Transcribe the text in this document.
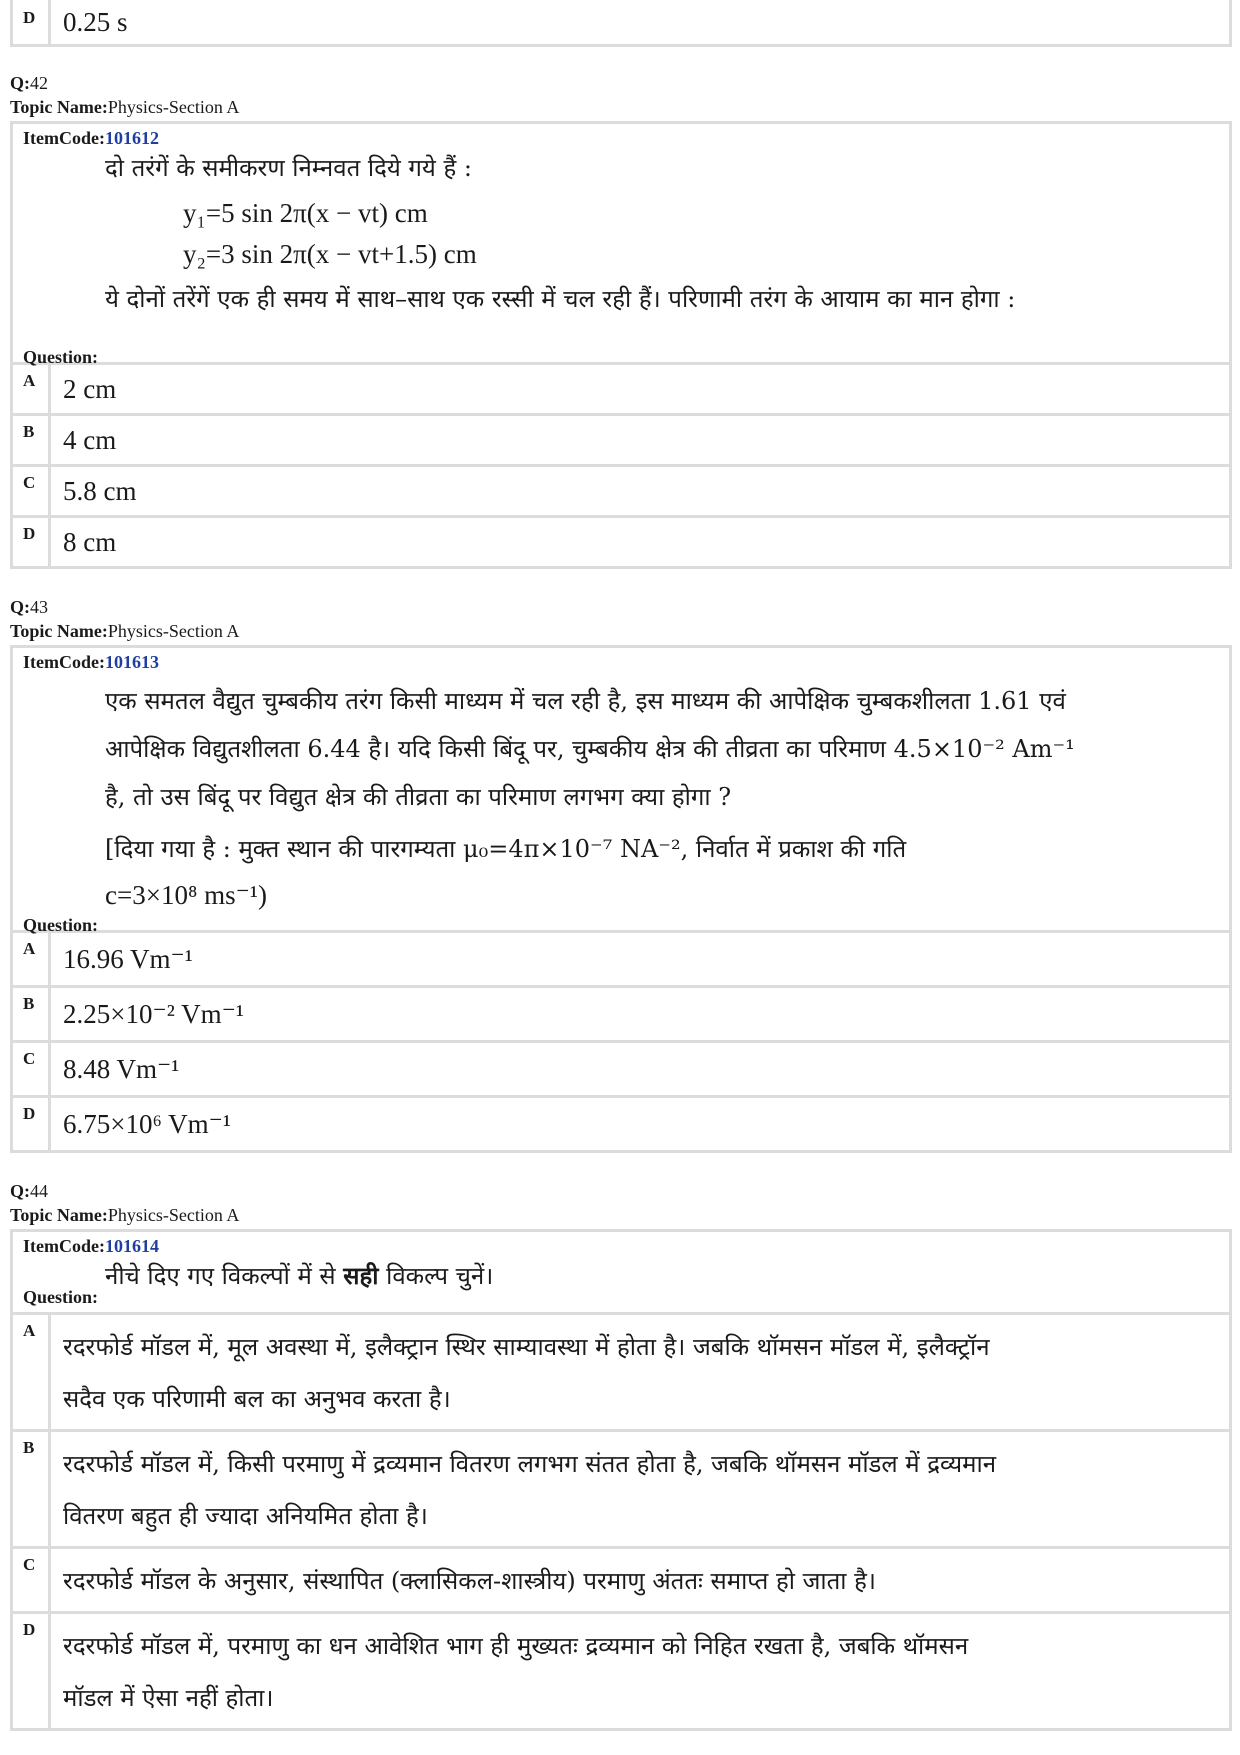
D	0.25 s
Q:42
Topic Name:Physics-Section A
ItemCode:101612
दो तरंगें के समीकरण निम्नवत दिये गये हैं :
y₁=5 sin 2π(x − vt) cm
y₂=3 sin 2π(x − vt+1.5) cm
ये दोनों तरेंगें एक ही समय में साथ–साथ एक रस्सी में चल रही हैं। परिणामी तरंग के आयाम का मान होगा :
Question:
A	2 cm
B	4 cm
C	5.8 cm
D	8 cm
Q:43
Topic Name:Physics-Section A
ItemCode:101613
एक समतल वैद्युत चुम्बकीय तरंग किसी माध्यम में चल रही है, इस माध्यम की आपेक्षिक चुम्बकशीलता 1.61 एवं
आपेक्षिक विद्युतशीलता 6.44 है। यदि किसी बिंदू पर, चुम्बकीय क्षेत्र की तीव्रता का परिमाण 4.5×10⁻² Am⁻¹
है, तो उस बिंदू पर विद्युत क्षेत्र की तीव्रता का परिमाण लगभग क्या होगा ?
[दिया गया है : मुक्त स्थान की पारगम्यता μ₀=4π×10⁻⁷ NA⁻², निर्वात में प्रकाश की गति
c=3×10⁸ ms⁻¹)
Question:
A	16.96 Vm⁻¹
B	2.25×10⁻² Vm⁻¹
C	8.48 Vm⁻¹
D	6.75×10⁶ Vm⁻¹
Q:44
Topic Name:Physics-Section A
ItemCode:101614
नीचे दिए गए विकल्पों में से सही विकल्प चुनें।
Question:
A
रदरफोर्ड मॉडल में, मूल अवस्था में, इलैक्ट्रान स्थिर साम्यावस्था में होता है। जबकि थॉमसन मॉडल में, इलैक्ट्रॉन
सदैव एक परिणामी बल का अनुभव करता है।
B
रदरफोर्ड मॉडल में, किसी परमाणु में द्रव्यमान वितरण लगभग संतत होता है, जबकि थॉमसन मॉडल में द्रव्यमान
वितरण बहुत ही ज्यादा अनियमित होता है।
C
रदरफोर्ड मॉडल के अनुसार, संस्थापित (क्लासिकल-शास्त्रीय) परमाणु अंततः समाप्त हो जाता है।
D
रदरफोर्ड मॉडल में, परमाणु का धन आवेशित भाग ही मुख्यतः द्रव्यमान को निहित रखता है, जबकि थॉमसन
मॉडल में ऐसा नहीं होता।
